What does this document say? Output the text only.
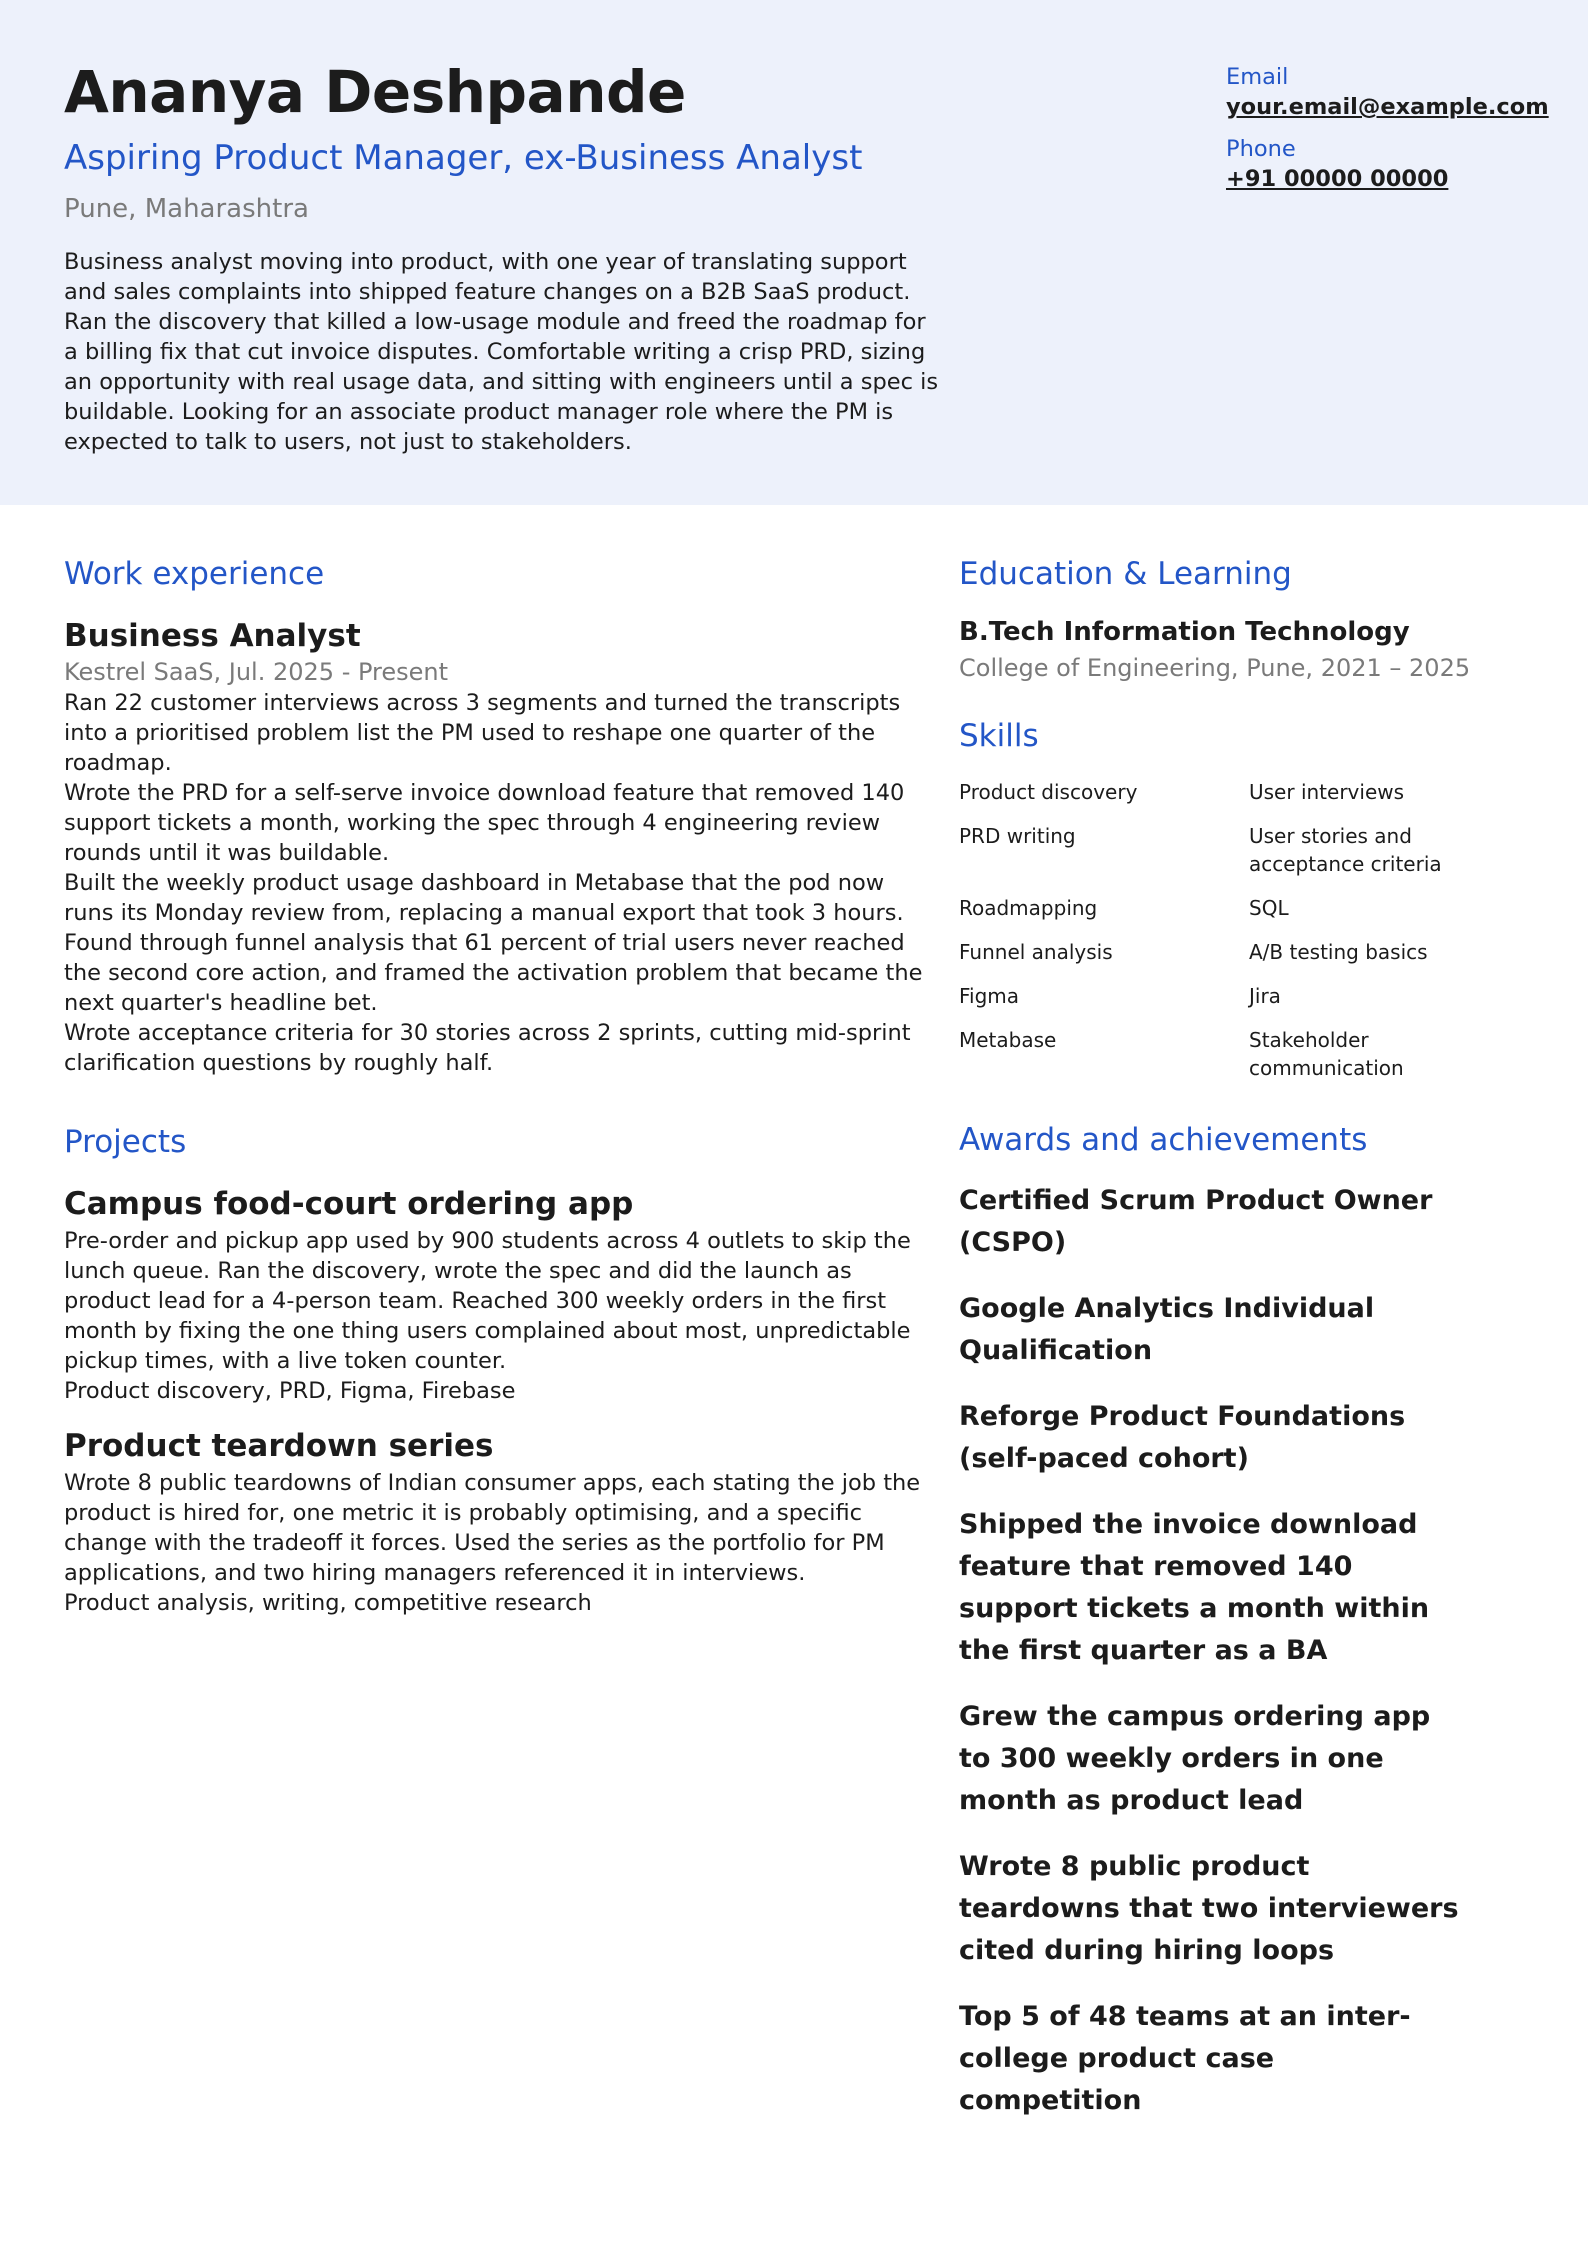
Ananya Deshpande
Aspiring Product Manager, ex-Business Analyst
Pune, Maharashtra
Business analyst moving into product, with one year of translating support and sales complaints into shipped feature changes on a B2B SaaS product. Ran the discovery that killed a low-usage module and freed the roadmap for a billing fix that cut invoice disputes. Comfortable writing a crisp PRD, sizing an opportunity with real usage data, and sitting with engineers until a spec is buildable. Looking for an associate product manager role where the PM is expected to talk to users, not just to stakeholders.
Email
your.email@example.com
Phone
+91 00000 00000
Work experience
Business Analyst
Kestrel SaaS, Jul. 2025 - Present
Ran 22 customer interviews across 3 segments and turned the transcripts into a prioritised problem list the PM used to reshape one quarter of the roadmap.
Wrote the PRD for a self-serve invoice download feature that removed 140 support tickets a month, working the spec through 4 engineering review rounds until it was buildable.
Built the weekly product usage dashboard in Metabase that the pod now runs its Monday review from, replacing a manual export that took 3 hours.
Found through funnel analysis that 61 percent of trial users never reached the second core action, and framed the activation problem that became the next quarter's headline bet.
Wrote acceptance criteria for 30 stories across 2 sprints, cutting mid-sprint clarification questions by roughly half.
Projects
Campus food-court ordering app
Pre-order and pickup app used by 900 students across 4 outlets to skip the lunch queue. Ran the discovery, wrote the spec and did the launch as product lead for a 4-person team. Reached 300 weekly orders in the first month by fixing the one thing users complained about most, unpredictable pickup times, with a live token counter.
Product discovery, PRD, Figma, Firebase
Product teardown series
Wrote 8 public teardowns of Indian consumer apps, each stating the job the product is hired for, one metric it is probably optimising, and a specific change with the tradeoff it forces. Used the series as the portfolio for PM applications, and two hiring managers referenced it in interviews.
Product analysis, writing, competitive research
Education & Learning
B.Tech Information Technology
College of Engineering, Pune, 2021 – 2025
Skills
Product discovery	User interviews
PRD writing	User stories and acceptance criteria
Roadmapping	SQL
Funnel analysis	A/B testing basics
Figma	Jira
Metabase	Stakeholder communication
Awards and achievements
Certified Scrum Product Owner (CSPO)
Google Analytics Individual Qualification
Reforge Product Foundations (self-paced cohort)
Shipped the invoice download feature that removed 140 support tickets a month within the first quarter as a BA
Grew the campus ordering app to 300 weekly orders in one month as product lead
Wrote 8 public product teardowns that two interviewers cited during hiring loops
Top 5 of 48 teams at an inter-college product case competition
